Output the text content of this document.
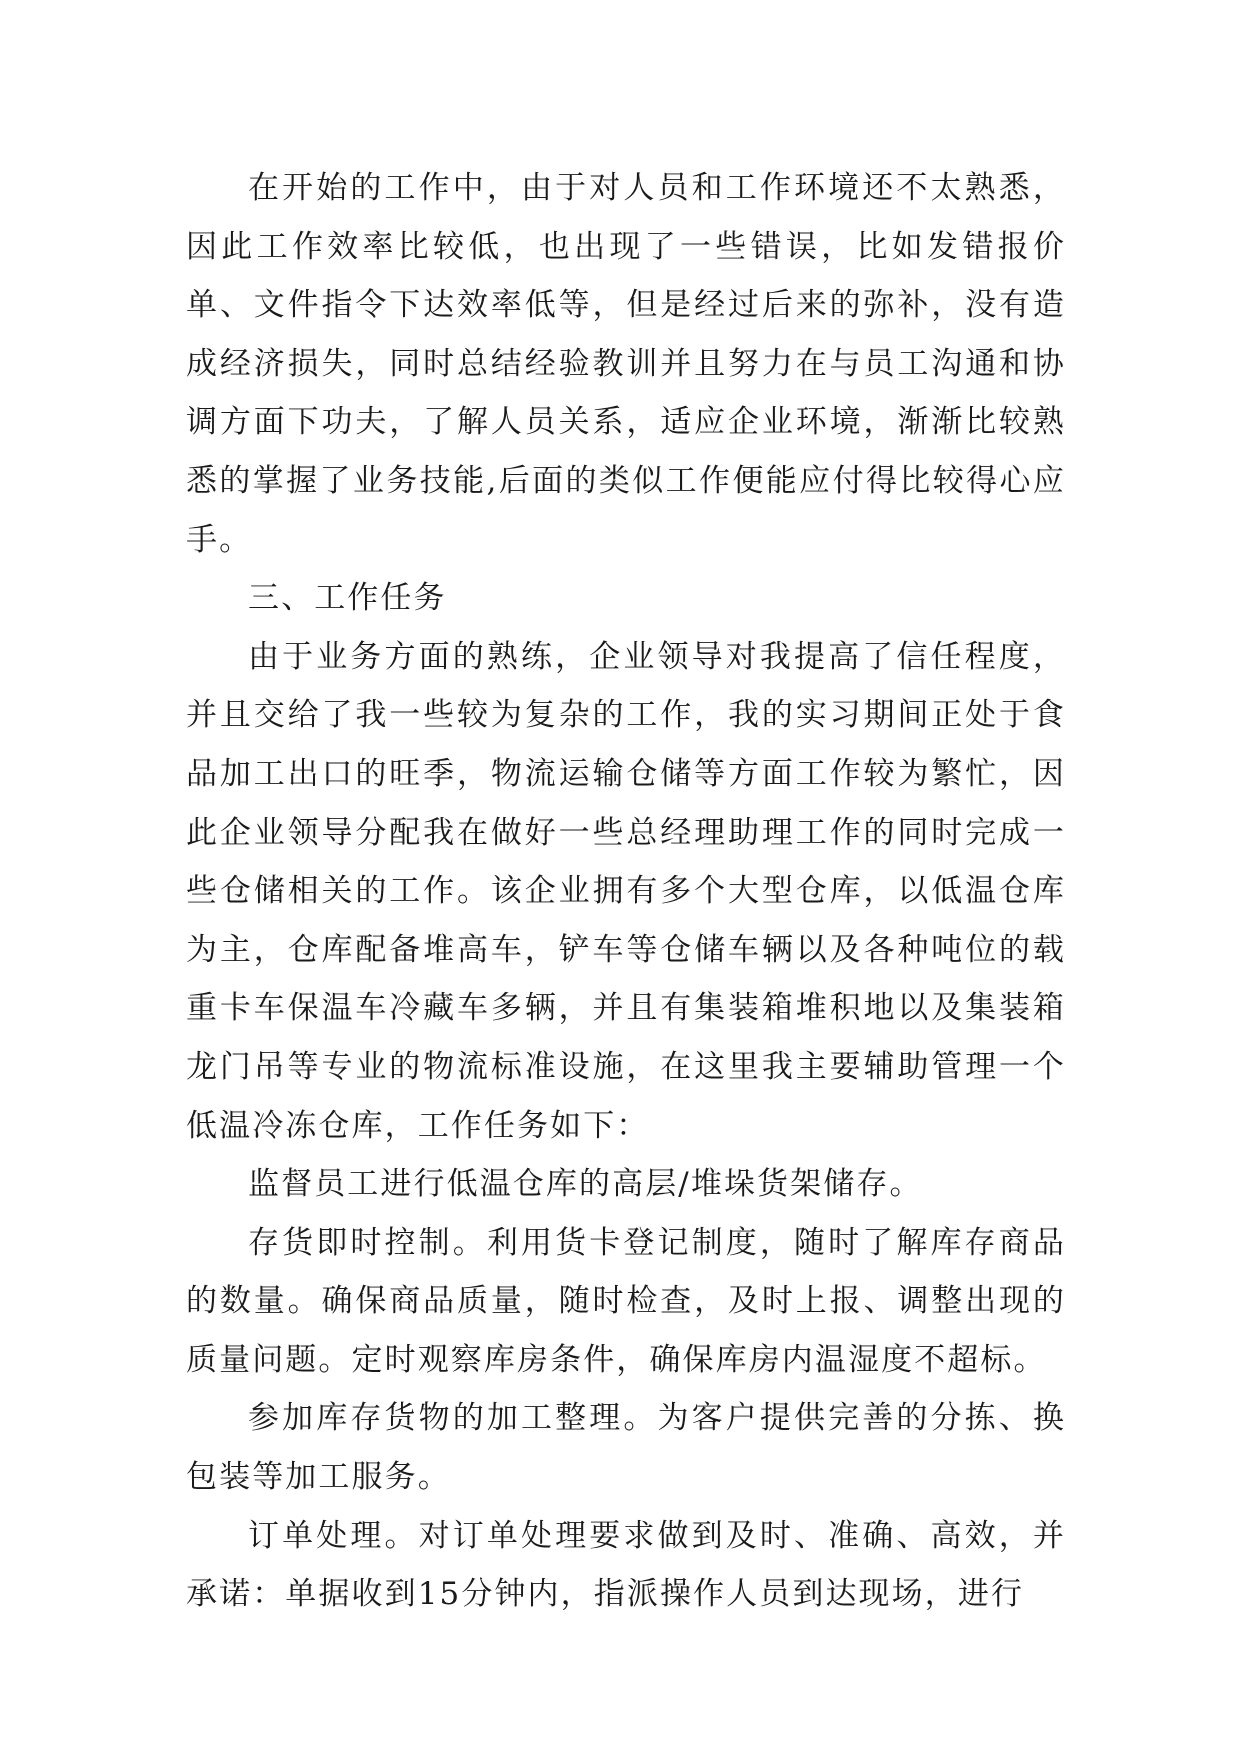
在开始的工作中，由于对人员和工作环境还不太熟悉，因此工作效率比较低，也出现了一些错误，比如发错报价单、文件指令下达效率低等，但是经过后来的弥补，没有造成经济损失，同时总结经验教训并且努力在与员工沟通和协调方面下功夫，了解人员关系，适应企业环境，渐渐比较熟悉的掌握了业务技能,后面的类似工作便能应付得比较得心应手。

三、工作任务

由于业务方面的熟练，企业领导对我提高了信任程度，并且交给了我一些较为复杂的工作，我的实习期间正处于食品加工出口的旺季，物流运输仓储等方面工作较为繁忙，因此企业领导分配我在做好一些总经理助理工作的同时完成一些仓储相关的工作。该企业拥有多个大型仓库，以低温仓库为主，仓库配备堆高车，铲车等仓储车辆以及各种吨位的载重卡车保温车冷藏车多辆，并且有集装箱堆积地以及集装箱龙门吊等专业的物流标准设施，在这里我主要辅助管理一个低温冷冻仓库，工作任务如下：

监督员工进行低温仓库的高层/堆垛货架储存。

存货即时控制。利用货卡登记制度，随时了解库存商品的数量。确保商品质量，随时检查，及时上报、调整出现的质量问题。定时观察库房条件，确保库房内温湿度不超标。

参加库存货物的加工整理。为客户提供完善的分拣、换包装等加工服务。

订单处理。对订单处理要求做到及时、准确、高效，并承诺：单据收到15分钟内，指派操作人员到达现场，进行
